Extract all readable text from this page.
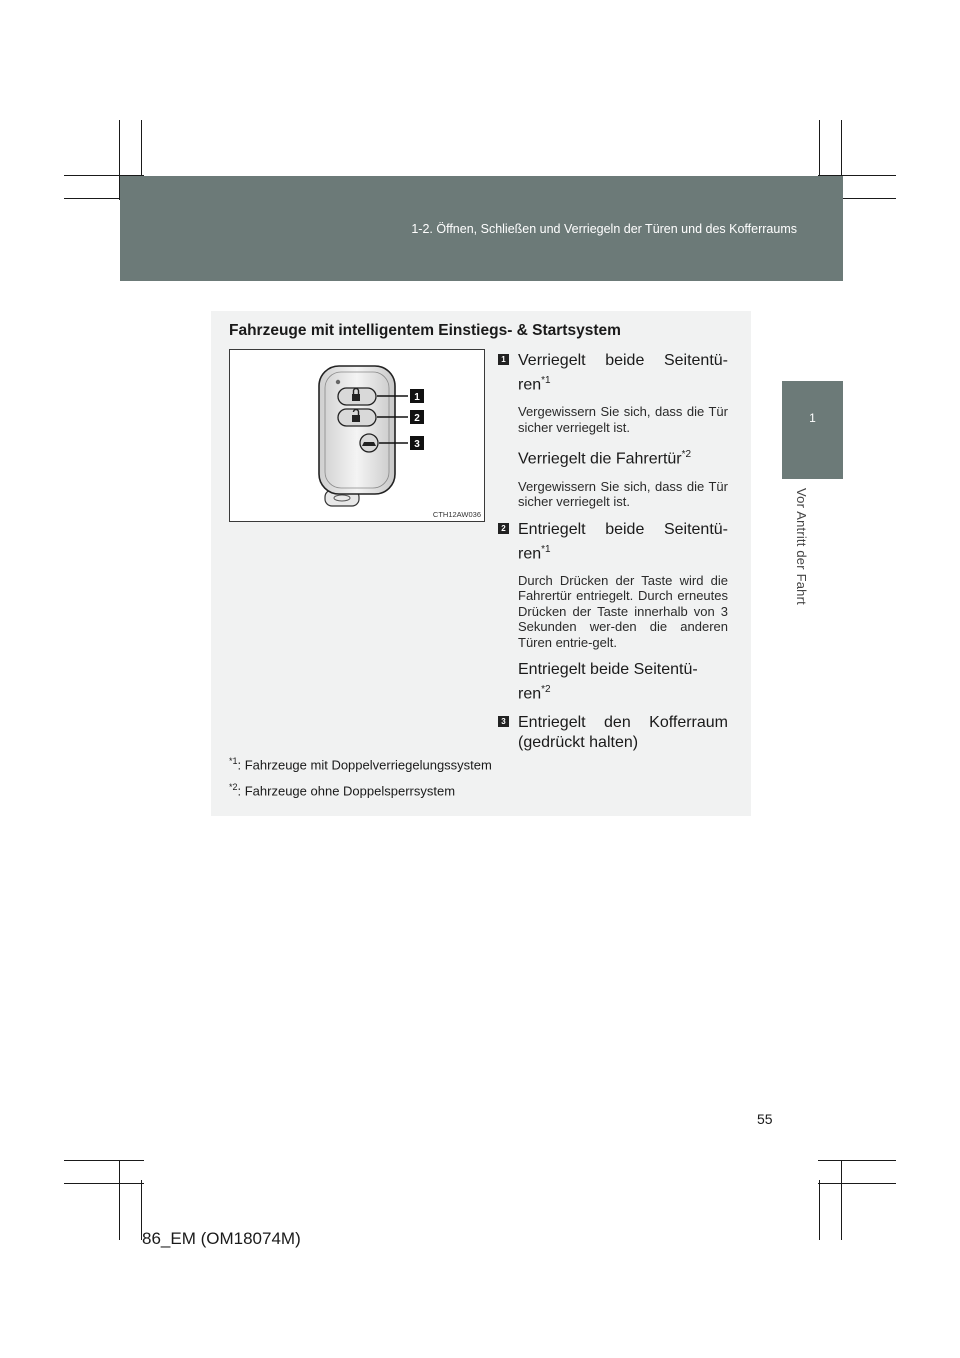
1-2. Öffnen, Schließen und Verriegeln der Türen und des Kofferraums
1
Vor Antritt der Fahrt
Fahrzeuge mit intelligentem Einstiegs- & Startsystem
1
2
3
CTH12AW036
1 Verriegelt beide Seitentü-ren$^{*1}$
Vergewissern Sie sich, dass die Tür sicher verriegelt ist.
Verriegelt die Fahrertür$^{*2}$
Vergewissern Sie sich, dass die Tür sicher verriegelt ist.
2 Entriegelt beide Seitentü-ren$^{*1}$
Durch Drücken der Taste wird die Fahrertür entriegelt. Durch erneutes Drücken der Taste innerhalb von 3 Sekunden wer-den die anderen Türen entrie-gelt.
Entriegelt beide Seitentü-ren$^{*2}$
3 Entriegelt den Kofferraum (gedrückt halten)
$^{*1}$: Fahrzeuge mit Doppelverriegelungssystem
$^{*2}$: Fahrzeuge ohne Doppelsperrsystem
55
86_EM (OM18074M)
